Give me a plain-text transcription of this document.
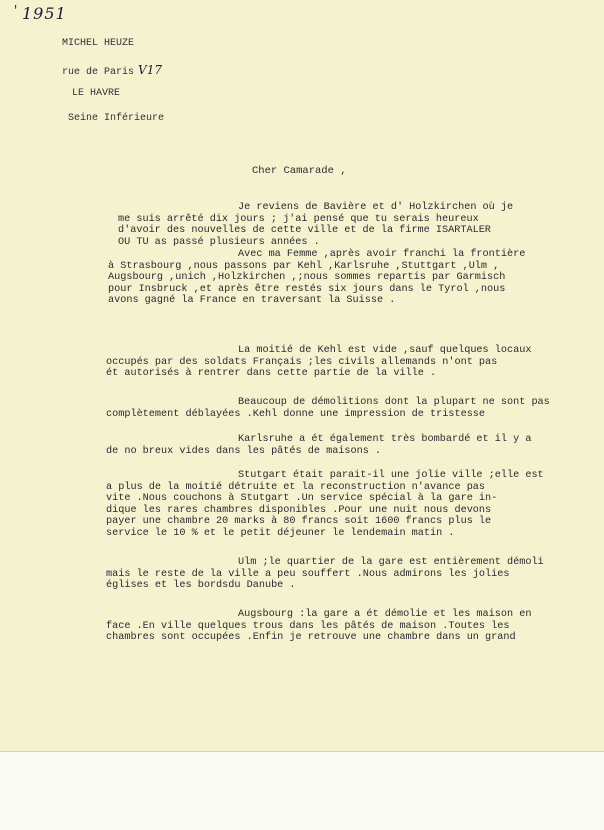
' 1951
MICHEL HEUZE
rue de Paris V17
LE HAVRE
Seine Inférieure
Cher Camarade ,
Je reviens de Bavière et d' Holzkirchen où je
me suis arrêté dix jours ; j'ai pensé que tu serais heureux
d'avoir des nouvelles de cette ville et de la firme ISARTALER
OU TU as passé plusieurs années .
Avec ma Femme ,après avoir franchi la frontière
à Strasbourg ,nous passons par Kehl ,Karlsruhe ,Stuttgart ,Ulm ,
Augsbourg ,unich ,Holzkirchen ,;nous sommes repartis par Garmisch
pour Insbruck ,et après être restés six jours dans le Tyrol ,nous
avons gagné la France en traversant la Suisse .
La moitié de Kehl est vide ,sauf quelques locaux
occupés par des soldats Français ;les civils allemands n'ont pas
ét autorisés à rentrer dans cette partie de la ville .
Beaucoup de démolitions dont la plupart ne sont pas
complètement déblayées .Kehl donne une impression de tristesse
Karlsruhe a ét également très bombardé et il y a
de no breux vides dans les pâtés de maisons .
Stutgart était parait-il une jolie ville ;elle est
a plus de la moitié détruite et la reconstruction n'avance pas
vite .Nous couchons à Stutgart .Un service spécial à la gare in-
dique les rares chambres disponibles .Pour une nuit nous devons
payer une chambre 20 marks à 80 francs soit 1600 francs plus le
service le 10 % et le petit déjeuner le lendemain matin .
Ulm ;le quartier de la gare est entièrement démoli
mais le reste de la ville a peu souffert .Nous admirons les jolies
églises et les bordsdu Danube .
Augsbourg :la gare a ét démolie et les maison en
face .En ville quelques trous dans les pâtés de maison .Toutes les
chambres sont occupées .Enfin je retrouve une chambre dans un grand
